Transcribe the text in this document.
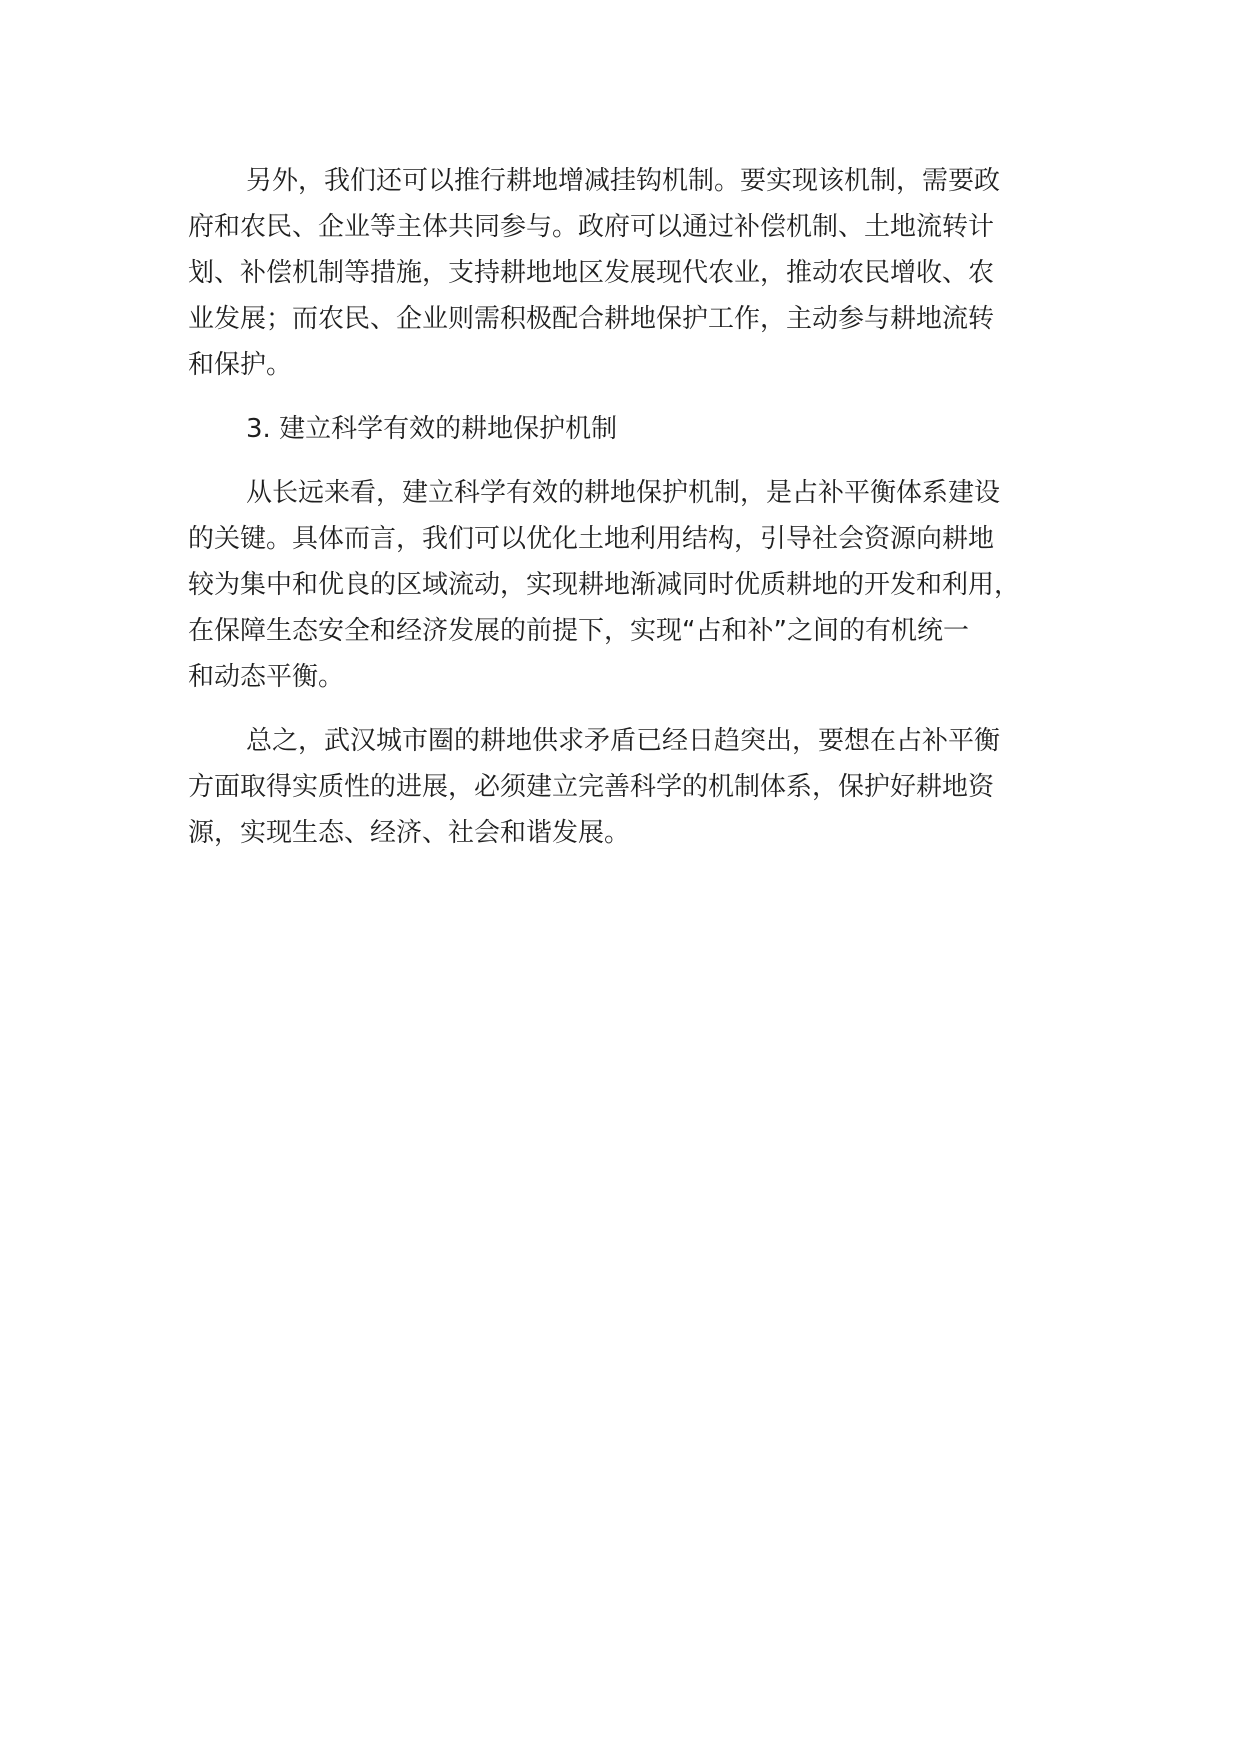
另外，我们还可以推行耕地增减挂钩机制。要实现该机制，需要政
府和农民、企业等主体共同参与。政府可以通过补偿机制、土地流转计
划、补偿机制等措施，支持耕地地区发展现代农业，推动农民增收、农
业发展；而农民、企业则需积极配合耕地保护工作，主动参与耕地流转
和保护。
3. 建立科学有效的耕地保护机制
从长远来看，建立科学有效的耕地保护机制，是占补平衡体系建设
的关键。具体而言，我们可以优化土地利用结构，引导社会资源向耕地
较为集中和优良的区域流动，实现耕地渐减同时优质耕地的开发和利用，
在保障生态安全和经济发展的前提下，实现“占和补”之间的有机统一
和动态平衡。
总之，武汉城市圈的耕地供求矛盾已经日趋突出，要想在占补平衡
方面取得实质性的进展，必须建立完善科学的机制体系，保护好耕地资
源，实现生态、经济、社会和谐发展。
